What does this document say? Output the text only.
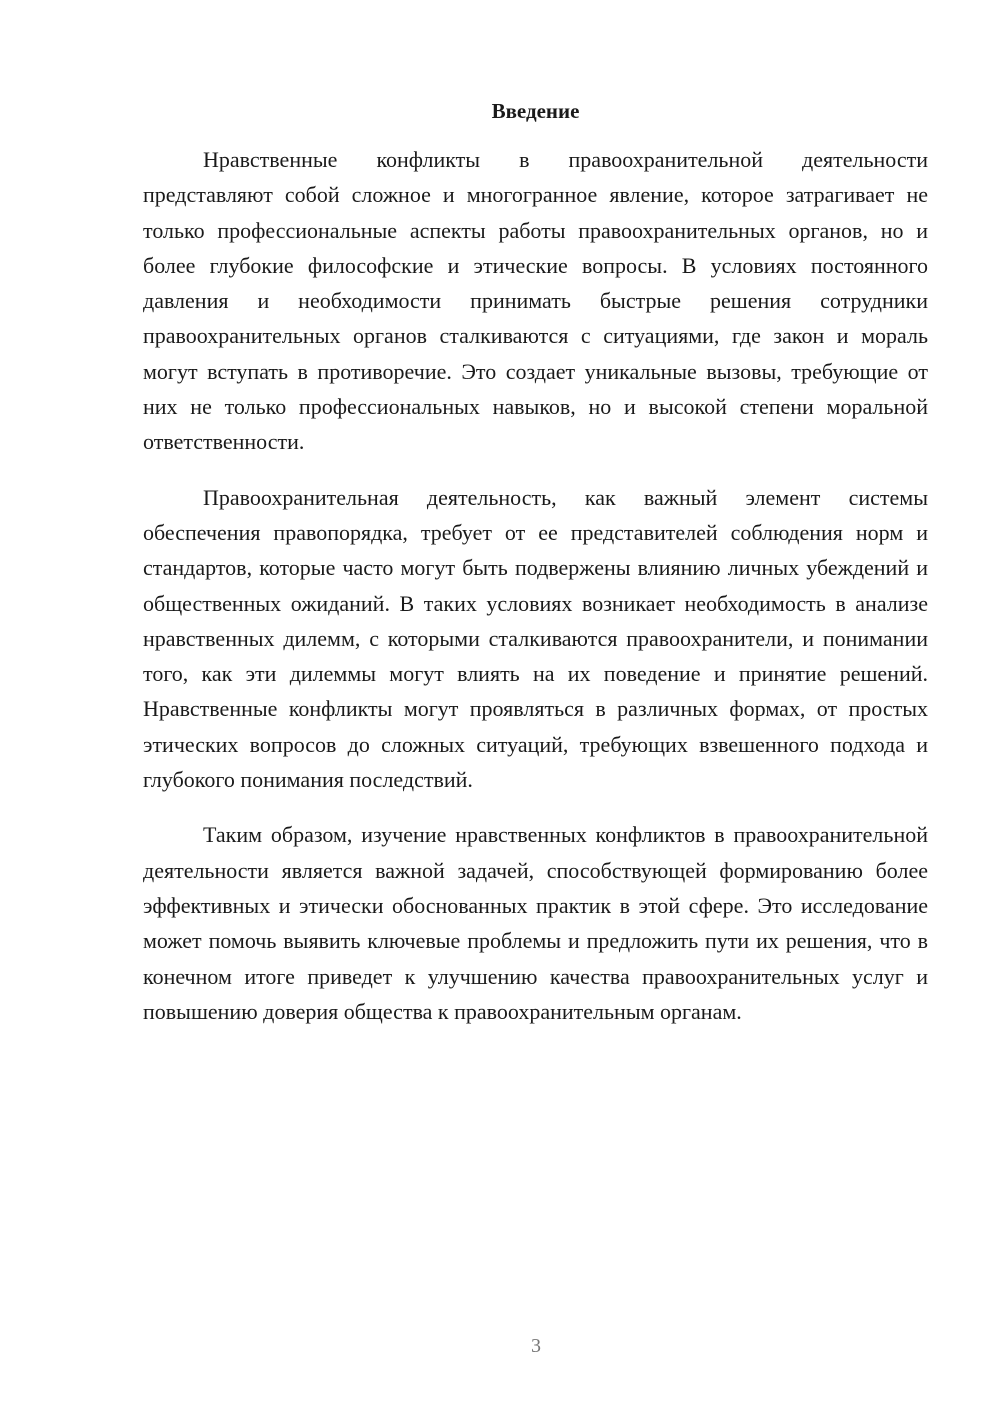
Введение

Нравственные конфликты в правоохранительной деятельности представляют собой сложное и многогранное явление, которое затрагивает не только профессиональные аспекты работы правоохранительных органов, но и более глубокие философские и этические вопросы. В условиях постоянного давления и необходимости принимать быстрые решения сотрудники правоохранительных органов сталкиваются с ситуациями, где закон и мораль могут вступать в противоречие. Это создает уникальные вызовы, требующие от них не только профессиональных навыков, но и высокой степени моральной ответственности.

Правоохранительная деятельность, как важный элемент системы обеспечения правопорядка, требует от ее представителей соблюдения норм и стандартов, которые часто могут быть подвержены влиянию личных убеждений и общественных ожиданий. В таких условиях возникает необходимость в анализе нравственных дилемм, с которыми сталкиваются правоохранители, и понимании того, как эти дилеммы могут влиять на их поведение и принятие решений. Нравственные конфликты могут проявляться в различных формах, от простых этических вопросов до сложных ситуаций, требующих взвешенного подхода и глубокого понимания последствий.

Таким образом, изучение нравственных конфликтов в правоохранительной деятельности является важной задачей, способствующей формированию более эффективных и этически обоснованных практик в этой сфере. Это исследование может помочь выявить ключевые проблемы и предложить пути их решения, что в конечном итоге приведет к улучшению качества правоохранительных услуг и повышению доверия общества к правоохранительным органам.

3
